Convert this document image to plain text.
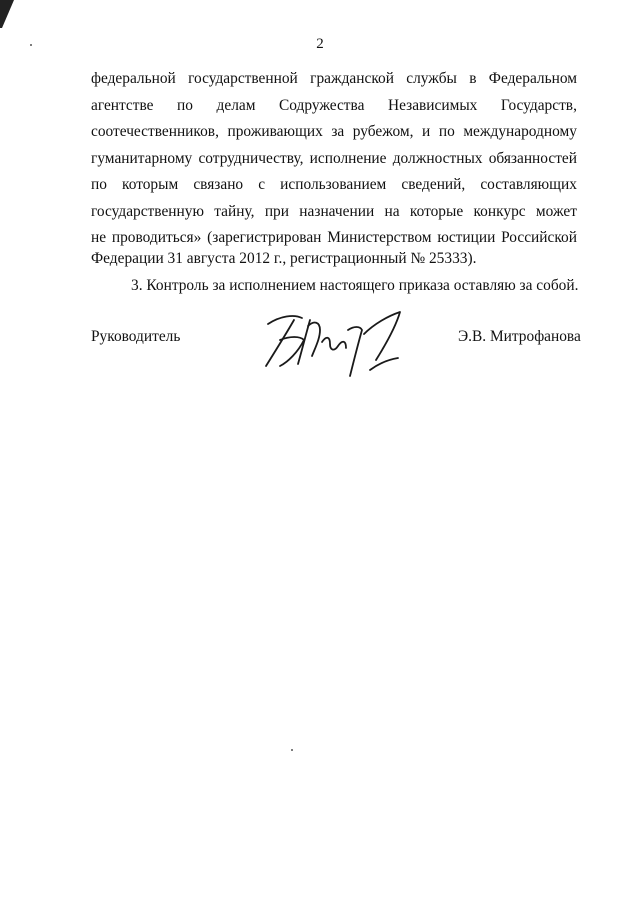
2
федеральной государственной гражданской службы в Федеральном
агентстве по делам Содружества Независимых Государств,
соотечественников, проживающих за рубежом, и по международному
гуманитарному сотрудничеству, исполнение должностных обязанностей
по которым связано с использованием сведений, составляющих
государственную тайну, при назначении на которые конкурс может
не проводиться» (зарегистрирован Министерством юстиции Российской
Федерации 31 августа 2012 г., регистрационный № 25333).
3. Контроль за исполнением настоящего приказа оставляю за собой.
Руководитель	Э.В. Митрофанова
